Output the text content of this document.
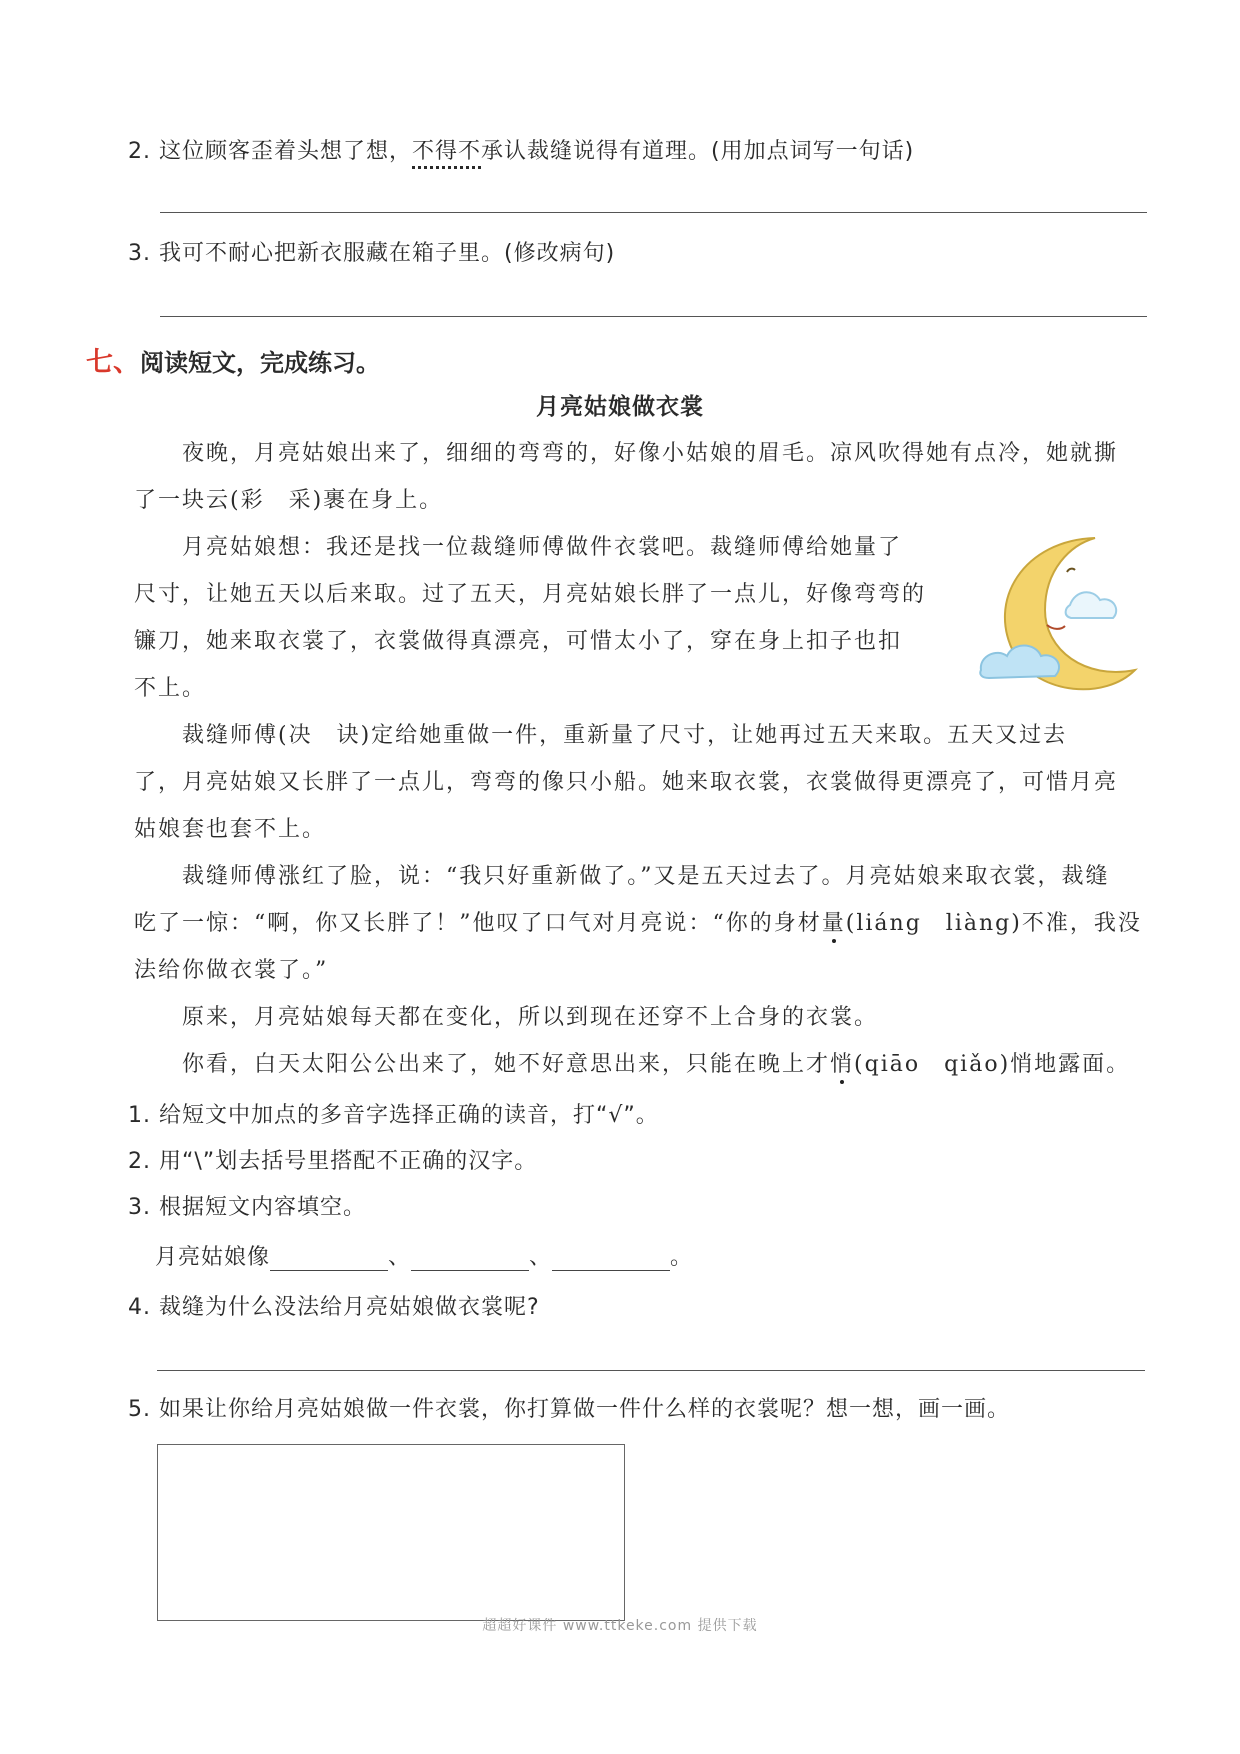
2. 这位顾客歪着头想了想，不得不承认裁缝说得有道理。(用加点词写一句话)
3. 我可不耐心把新衣服藏在箱子里。(修改病句)
七、阅读短文，完成练习。
月亮姑娘做衣裳
　　夜晚，月亮姑娘出来了，细细的弯弯的，好像小姑娘的眉毛。凉风吹得她有点冷，她就撕
了一块云(彩　采)裹在身上。
　　月亮姑娘想：我还是找一位裁缝师傅做件衣裳吧。裁缝师傅给她量了
尺寸，让她五天以后来取。过了五天，月亮姑娘长胖了一点儿，好像弯弯的
镰刀，她来取衣裳了，衣裳做得真漂亮，可惜太小了，穿在身上扣子也扣
不上。
　　裁缝师傅(决　诀)定给她重做一件，重新量了尺寸，让她再过五天来取。五天又过去
了，月亮姑娘又长胖了一点儿，弯弯的像只小船。她来取衣裳，衣裳做得更漂亮了，可惜月亮
姑娘套也套不上。
　　裁缝师傅涨红了脸，说：“我只好重新做了。”又是五天过去了。月亮姑娘来取衣裳，裁缝
吃了一惊：“啊，你又长胖了！”他叹了口气对月亮说：“你的身材量(liáng　liàng)不准，我没
法给你做衣裳了。”
　　原来，月亮姑娘每天都在变化，所以到现在还穿不上合身的衣裳。
　　你看，白天太阳公公出来了，她不好意思出来，只能在晚上才悄(qiāo　qiǎo)悄地露面。
1. 给短文中加点的多音字选择正确的读音，打“√”。
2. 用“\”划去括号里搭配不正确的汉字。
3. 根据短文内容填空。
月亮姑娘像	、	、	。
4. 裁缝为什么没法给月亮姑娘做衣裳呢?
5. 如果让你给月亮姑娘做一件衣裳，你打算做一件什么样的衣裳呢？想一想，画一画。
超超好课件 www.ttkeke.com 提供下载
